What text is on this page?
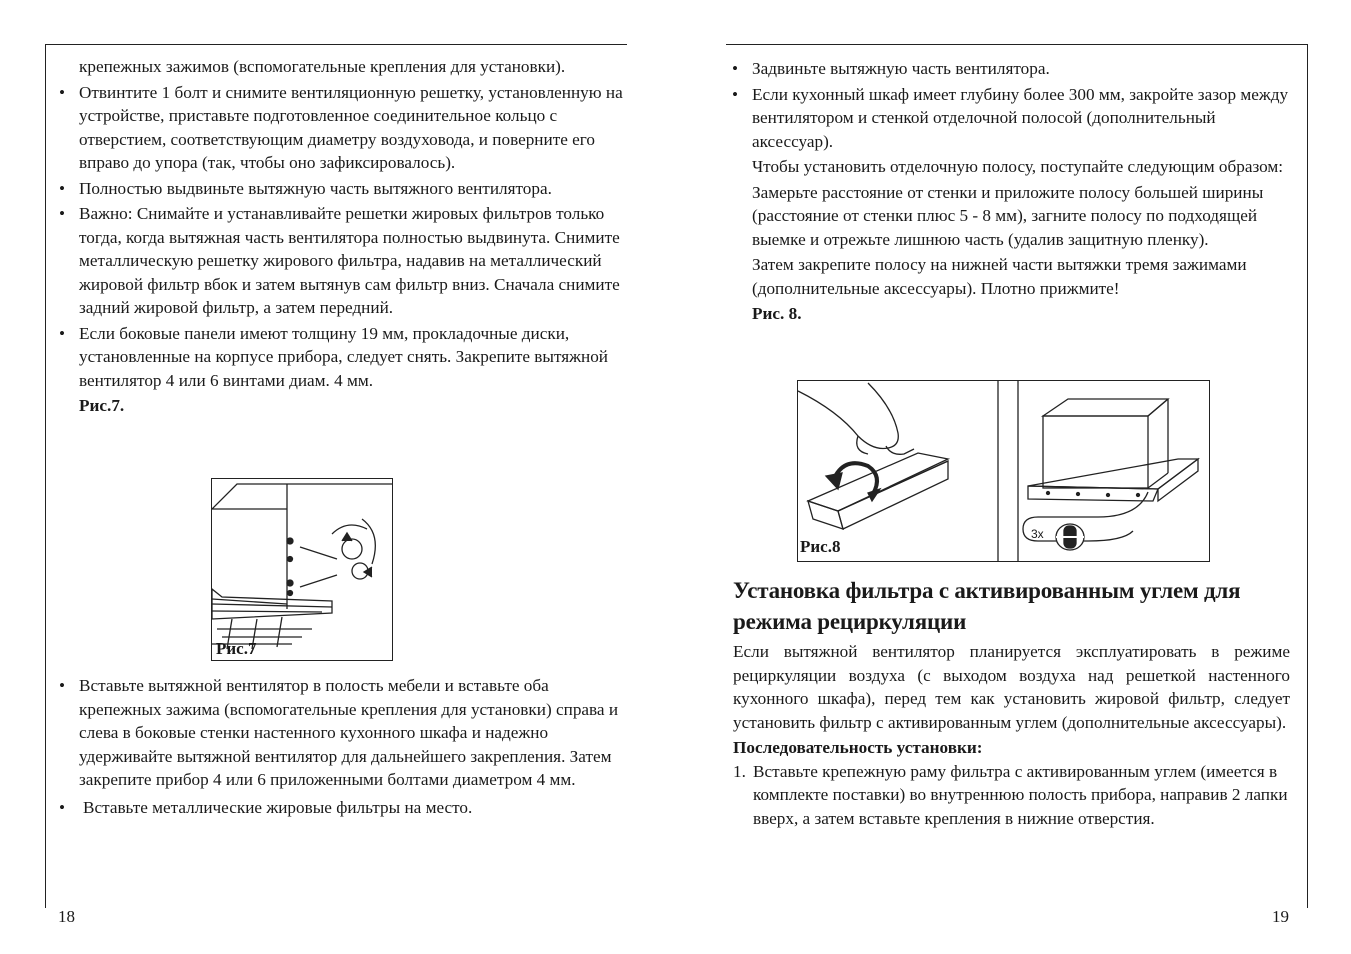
крепежных зажимов (вспомогательные крепления для установки).

• Отвинтите 1 болт и снимите вентиляционную решетку, установленную на устройстве, приставьте подготовленное соединительное кольцо с отверстием, соответствующим диаметру воздуховода, и поверните его вправо до упора (так, чтобы оно зафиксировалось).
• Полностью выдвиньте вытяжную часть вытяжного вентилятора.
• Важно: Снимайте и устанавливайте решетки жировых фильтров только тогда, когда вытяжная часть вентилятора полностью выдвинута. Снимите металлическую решетку жирового фильтра, надавив на металлический жировой фильтр вбок и затем вытянув сам фильтр вниз. Сначала снимите задний жировой фильтр, а затем передний.
• Если боковые панели имеют толщину 19 мм, прокладочные диски, установленные на корпусе прибора, следует снять. Закрепите вытяжной вентилятор 4 или 6 винтами диам. 4 мм.

Рис.7.

Рис.7
• Вставьте вытяжной вентилятор в полость мебели и вставьте оба крепежных зажима (вспомогательные крепления для установки) справа и слева в боковые стенки настенного кухонного шкафа и надежно удерживайте вытяжной вентилятор для дальнейшего закрепления. Затем закрепите прибор 4 или 6 приложенными болтами диаметром 4 мм.
• Вставьте металлические жировые фильтры на место.
18
• Задвиньте вытяжную часть вентилятора.
• Если кухонный шкаф имеет глубину более 300 мм, закройте зазор между вентилятором и стенкой отделочной полосой (дополнительный аксессуар).

Чтобы установить отделочную полосу, поступайте следующим образом:

Замерьте расстояние от стенки и приложите полосу большей ширины (расстояние от стенки плюс 5 - 8 мм), загните полосу по подходящей выемке и отрежьте лишнюю часть (удалив защитную пленку).

Затем закрепите полосу на нижней части вытяжки тремя зажимами (дополнительные аксессуары). Плотно прижмите!

Рис. 8.

Рис.8
3x
Установка фильтра с активированным углем для режима рециркуляции

Если вытяжной вентилятор планируется эксплуатировать в режиме рециркуляции воздуха (с выходом воздуха над решеткой настенного кухонного шкафа), перед тем как установить жировой фильтр, следует установить фильтр с активированным углем (дополнительные аксессуары).

Последовательность установки:

1. Вставьте крепежную раму фильтра с активированным углем (имеется в комплекте поставки) во внутреннюю полость прибора, направив 2 лапки вверх, а затем вставьте крепления в нижние отверстия.
19
